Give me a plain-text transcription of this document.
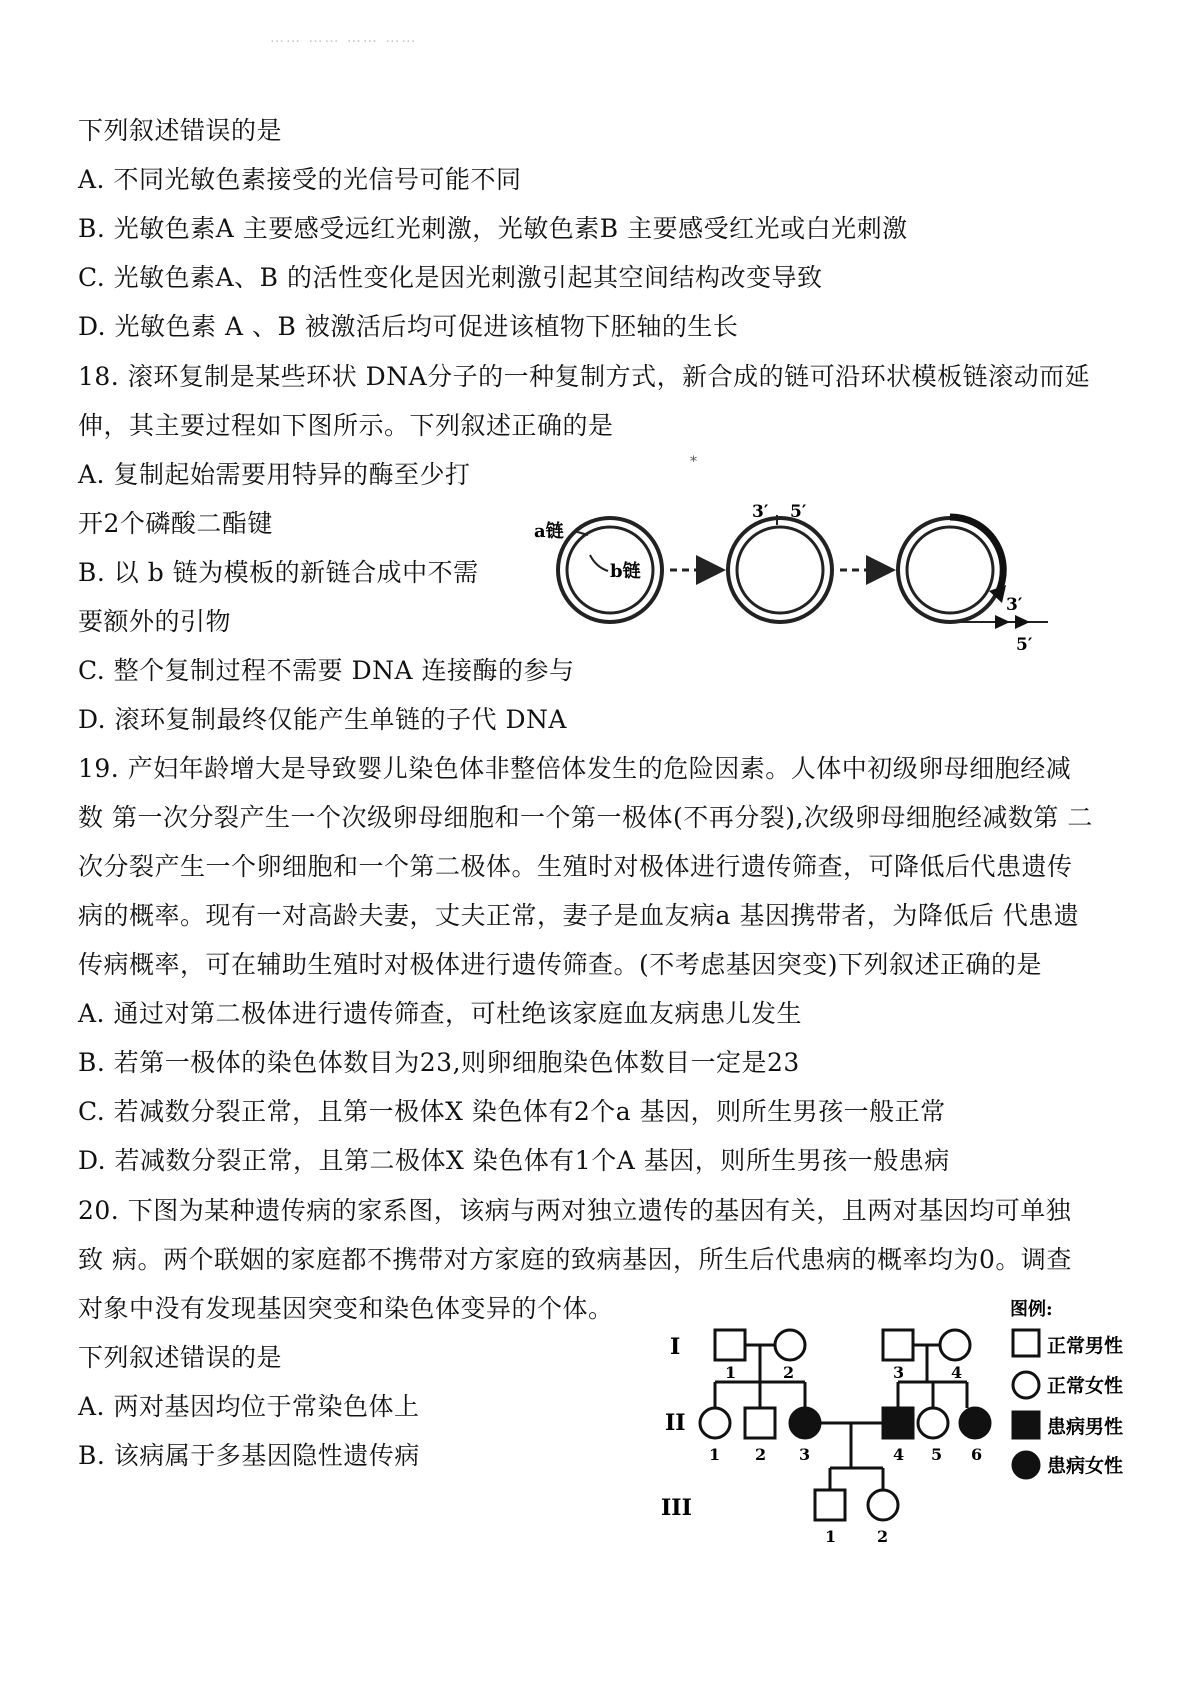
…… …… …… ……
下列叙述错误的是
A. 不同光敏色素接受的光信号可能不同
B. 光敏色素A 主要感受远红光刺激，光敏色素B 主要感受红光或白光刺激
C. 光敏色素A、B 的活性变化是因光刺激引起其空间结构改变导致
D. 光敏色素 A 、B 被激活后均可促进该植物下胚轴的生长
18. 滚环复制是某些环状 DNA分子的一种复制方式，新合成的链可沿环状模板链滚动而延
伸，其主要过程如下图所示。下列叙述正确的是
*
A. 复制起始需要用特异的酶至少打
开2个磷酸二酯键
B. 以 b 链为模板的新链合成中不需
要额外的引物
C. 整个复制过程不需要 DNA 连接酶的参与
D. 滚环复制最终仅能产生单链的子代 DNA
a链
b链
3′ 5′
3′
5′
19. 产妇年龄增大是导致婴儿染色体非整倍体发生的危险因素。人体中初级卵母细胞经减
数 第一次分裂产生一个次级卵母细胞和一个第一极体(不再分裂),次级卵母细胞经减数第 二
次分裂产生一个卵细胞和一个第二极体。生殖时对极体进行遗传筛查，可降低后代患遗传
病的概率。现有一对高龄夫妻，丈夫正常，妻子是血友病a 基因携带者，为降低后 代患遗
传病概率，可在辅助生殖时对极体进行遗传筛查。(不考虑基因突变)下列叙述正确的是
A. 通过对第二极体进行遗传筛查，可杜绝该家庭血友病患儿发生
B. 若第一极体的染色体数目为23,则卵细胞染色体数目一定是23
C. 若减数分裂正常，且第一极体X 染色体有2个a 基因，则所生男孩一般正常
D. 若减数分裂正常，且第二极体X 染色体有1个A 基因，则所生男孩一般患病
20. 下图为某种遗传病的家系图，该病与两对独立遗传的基因有关，且两对基因均可单独
致 病。两个联姻的家庭都不携带对方家庭的致病基因，所生后代患病的概率均为0。调查
对象中没有发现基因突变和染色体变异的个体。
下列叙述错误的是
A. 两对基因均位于常染色体上
B. 该病属于多基因隐性遗传病
I
II
III
1	2	3	4
1 2 3	4 5 6
1	2
图例:
正常男性
正常女性
患病男性
患病女性
